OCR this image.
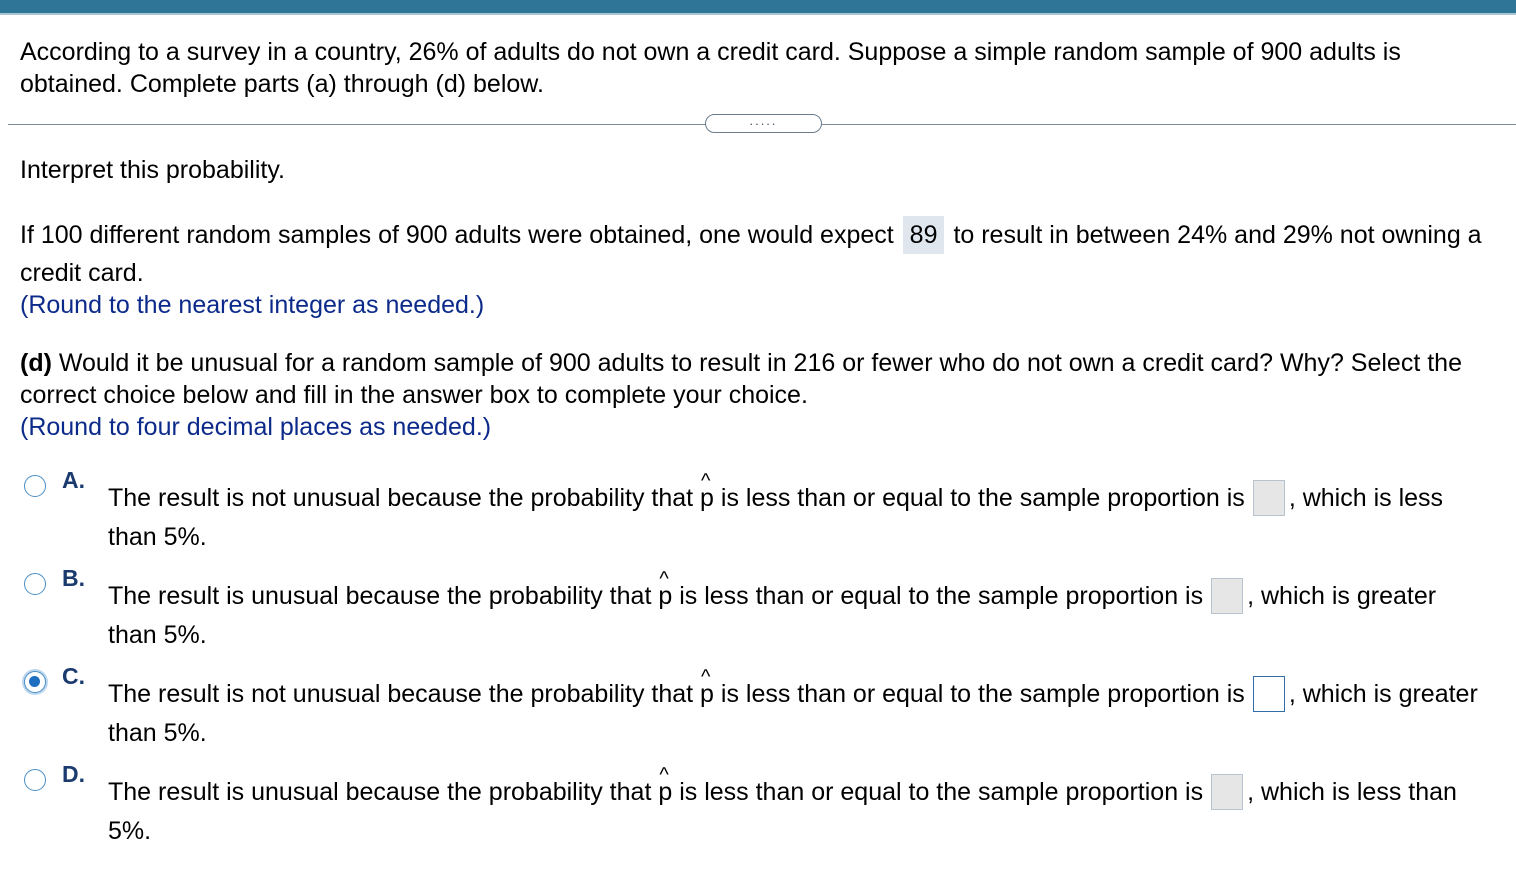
According to a survey in a country, 26% of adults do not own a credit card. Suppose a simple random sample of 900 adults is obtained. Complete parts (a) through (d) below.
.....
Interpret this probability.
If 100 different random samples of 900 adults were obtained, one would expect 89 to result in between 24% and 29% not owning a credit card.
(Round to the nearest integer as needed.)
(d) Would it be unusual for a random sample of 900 adults to result in 216 or fewer who do not own a credit card? Why? Select the correct choice below and fill in the answer box to complete your choice.
(Round to four decimal places as needed.)
A.
The result is not unusual because the probability that ^ p is less than or equal to the sample proportion is , which is less than 5%.
B.
The result is unusual because the probability that ^ p is less than or equal to the sample proportion is , which is greater than 5%.
C.
The result is not unusual because the probability that ^ p is less than or equal to the sample proportion is , which is greater than 5%.
D.
The result is unusual because the probability that ^ p is less than or equal to the sample proportion is , which is less than 5%.
